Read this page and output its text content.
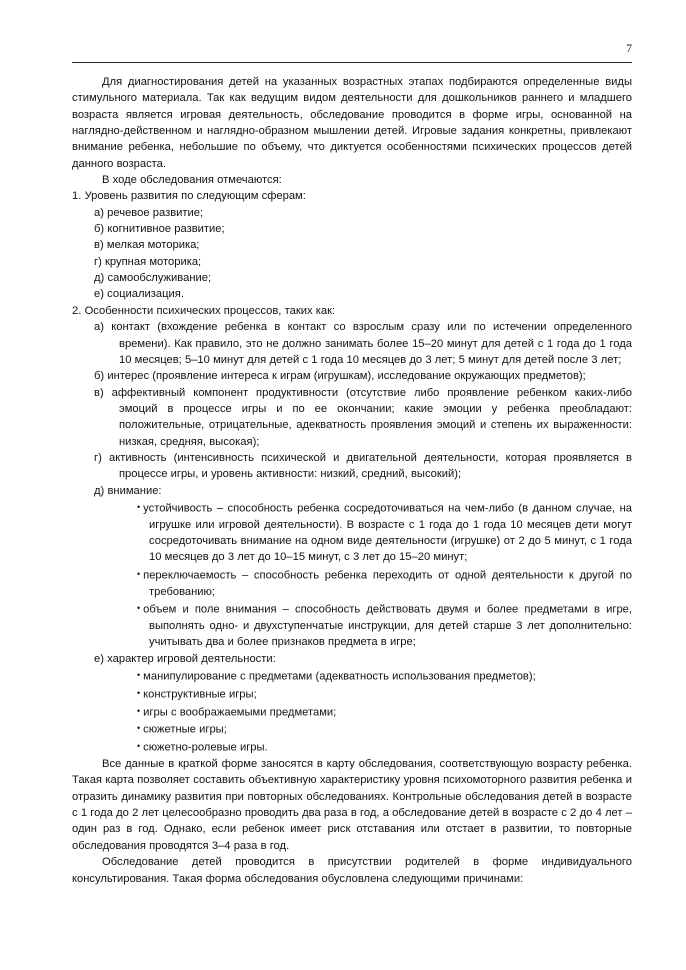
7

Для диагностирования детей на указанных возрастных этапах подбираются определенные виды стимульного материала. Так как ведущим видом деятельности для дошкольников раннего и младшего возраста является игровая деятельность, обследование проводится в форме игры, основанной на наглядно-действенном и наглядно-образном мышлении детей. Игровые задания конкретны, привлекают внимание ребенка, небольшие по объему, что диктуется особенностями психических процессов детей данного возраста.

В ходе обследования отмечаются:

1. Уровень развития по следующим сферам:

а) речевое развитие;

б) когнитивное развитие;

в) мелкая моторика;

г) крупная моторика;

д) самообслуживание;

е) социализация.

2. Особенности психических процессов, таких как:

а) контакт (вхождение ребенка в контакт со взрослым сразу или по истечении определенного времени). Как правило, это не должно занимать более 15–20 минут для детей с 1 года до 1 года 10 месяцев; 5–10 минут для детей с 1 года 10 месяцев до 3 лет; 5 минут для детей после 3 лет;

б) интерес (проявление интереса к играм (игрушкам), исследование окружающих предметов);

в) аффективный компонент продуктивности (отсутствие либо проявление ребенком каких-либо эмоций в процессе игры и по ее окончании; какие эмоции у ребенка преобладают: положительные, отрицательные, адекватность проявления эмоций и степень их выраженности: низкая, средняя, высокая);

г) активность (интенсивность психической и двигательной деятельности, которая проявляется в процессе игры, и уровень активности: низкий, средний, высокий);

д) внимание:

• устойчивость – способность ребенка сосредоточиваться на чем-либо (в данном случае, на игрушке или игровой деятельности). В возрасте с 1 года до 1 года 10 месяцев дети могут сосредоточивать внимание на одном виде деятельности (игрушке) от 2 до 5 минут, с 1 года 10 месяцев до 3 лет до 10–15 минут, с 3 лет до 15–20 минут;

• переключаемость – способность ребенка переходить от одной деятельности к другой по требованию;

• объем и поле внимания – способность действовать двумя и более предметами в игре, выполнять одно- и двухступенчатые инструкции, для детей старше 3 лет дополнительно: учитывать два и более признаков предмета в игре;

е) характер игровой деятельности:

• манипулирование с предметами (адекватность использования предметов);

• конструктивные игры;

• игры с воображаемыми предметами;

• сюжетные игры;

• сюжетно-ролевые игры.

Все данные в краткой форме заносятся в карту обследования, соответствующую возрасту ребенка. Такая карта позволяет составить объективную характеристику уровня психомоторного развития ребенка и отразить динамику развития при повторных обследованиях. Контрольные обследования детей в возрасте с 1 года до 2 лет целесообразно проводить два раза в год, а обследование детей в возрасте с 2 до 4 лет – один раз в год. Однако, если ребенок имеет риск отставания или отстает в развитии, то повторные обследования проводятся 3–4 раза в год.

Обследование детей проводится в присутствии родителей в форме индивидуального консультирования. Такая форма обследования обусловлена следующими причинами:
